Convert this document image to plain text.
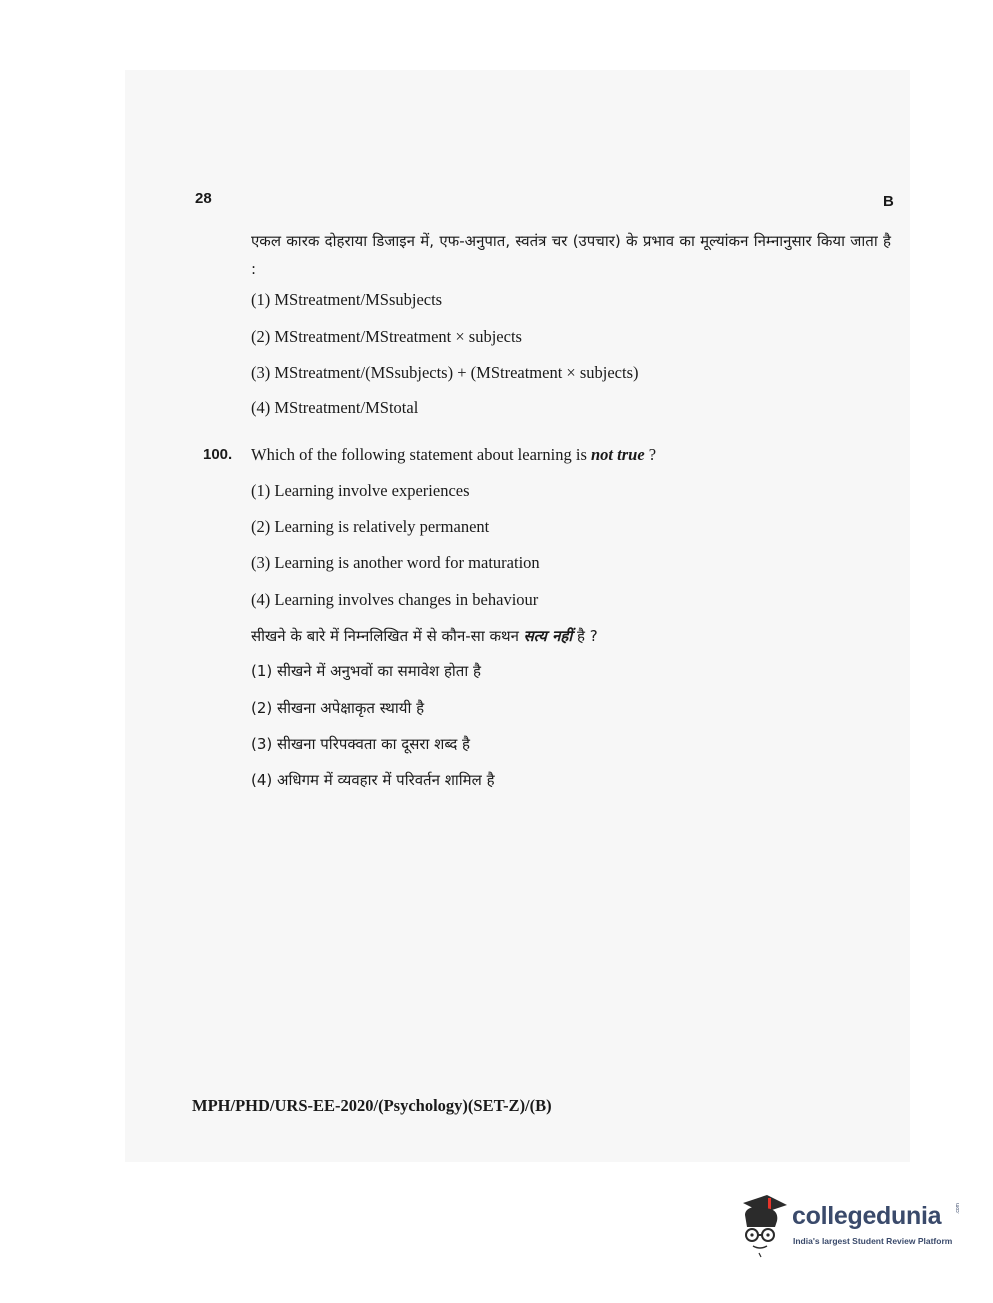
28	B
एकल कारक दोहराया डिजाइन में, एफ-अनुपात, स्वतंत्र चर (उपचार) के प्रभाव का मूल्यांकन निम्नानुसार किया जाता है :
(1) MStreatment/MSsubjects
(2) MStreatment/MStreatment × subjects
(3) MStreatment/(MSsubjects) + (MStreatment × subjects)
(4) MStreatment/MStotal
100. Which of the following statement about learning is not true ?
(1) Learning involve experiences
(2) Learning is relatively permanent
(3) Learning is another word for maturation
(4) Learning involves changes in behaviour
सीखने के बारे में निम्नलिखित में से कौन-सा कथन सत्य नहीं है ?
(1) सीखने में अनुभवों का समावेश होता है
(2) सीखना अपेक्षाकृत स्थायी है
(3) सीखना परिपक्वता का दूसरा शब्द है
(4) अधिगम में व्यवहार में परिवर्तन शामिल है
MPH/PHD/URS-EE-2020/(Psychology)(SET-Z)/(B)
collegedunia	.com
India's largest Student Review Platform
